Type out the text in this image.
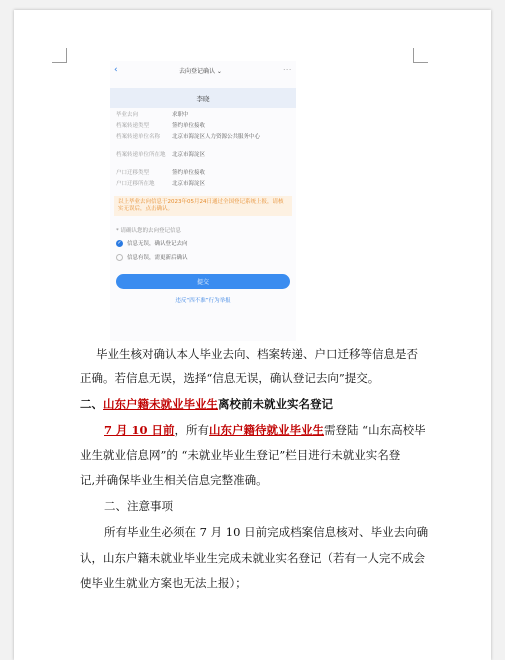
‹	去向登记确认 ⌄	···
李晓
毕业去向	求职中
档案转递类型	签约单位接收
档案转递单位名称	北京市海淀区人力资源公共服务中心
档案转递单位所在地	北京市海淀区
户口迁移类型	签约单位接收
户口迁移所在地	北京市海淀区
以上毕业去向信息于2023年05月24日通过全国登记系统上报，请核实无误后，点击确认。
* 请确认您的去向登记信息
✓ 信息无误，确认登记去向
信息有误，需更新后确认
提交
违反“四不准”行为举报
毕业生核对确认本人毕业去向、档案转递、户口迁移等信息是否
正确。若信息无误，选择“信息无误，确认登记去向”提交。
二、山东户籍未就业毕业生离校前未就业实名登记
7 月 10 日前，所有山东户籍待就业毕业生需登陆 “山东高校毕
业生就业信息网”的 “未就业毕业生登记”栏目进行未就业实名登
记,并确保毕业生相关信息完整准确。
二、注意事项
所有毕业生必须在 7 月 10 日前完成档案信息核对、毕业去向确
认，山东户籍未就业毕业生完成未就业实名登记（若有一人完不成会
使毕业生就业方案也无法上报）；
